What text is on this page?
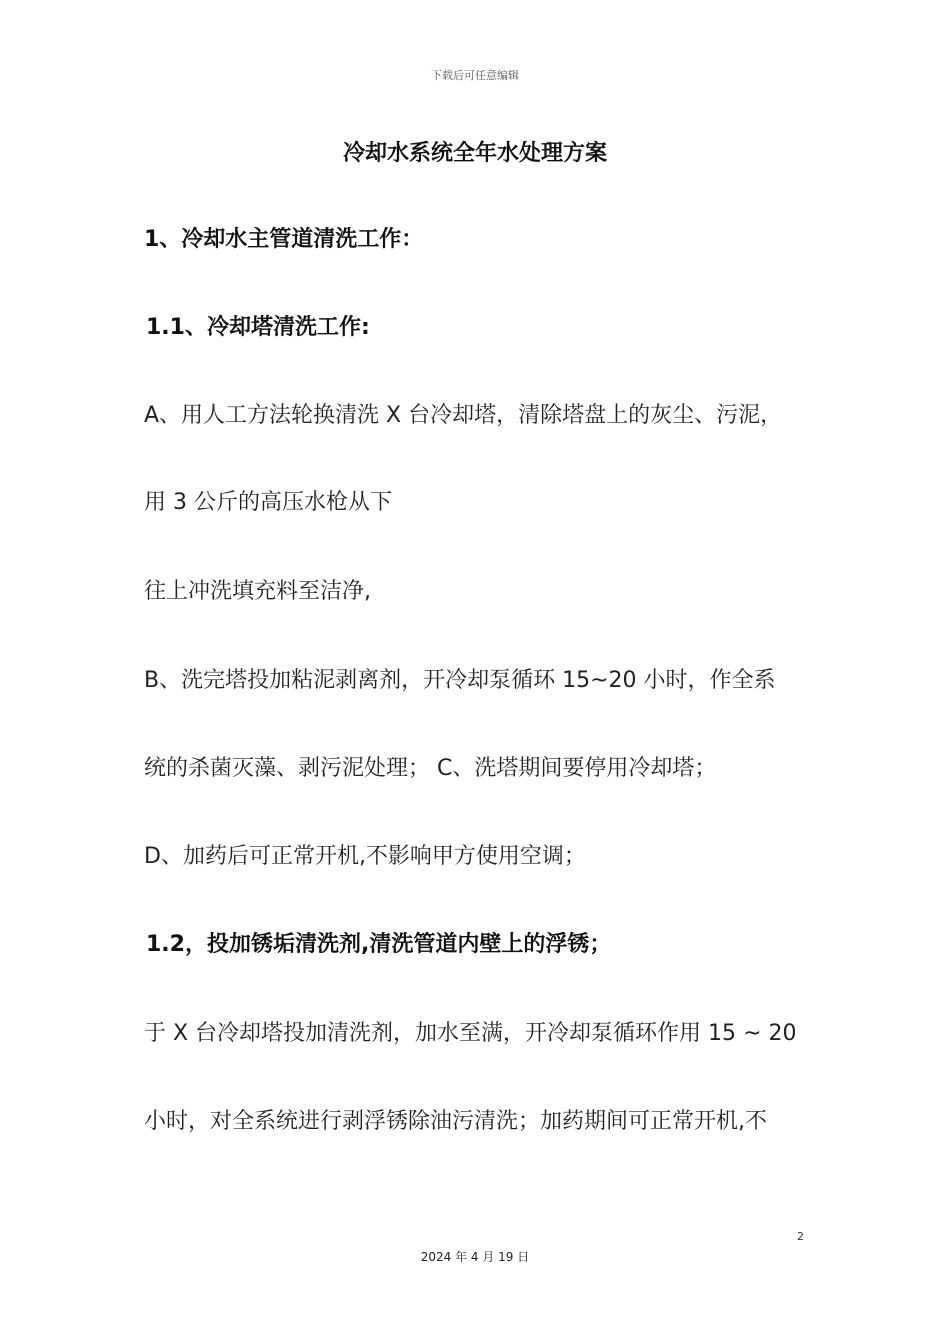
下载后可任意编辑
冷却水系统全年水处理方案
1、冷却水主管道清洗工作：
1.1、冷却塔清洗工作:
A、用人工方法轮换清洗 X 台冷却塔，清除塔盘上的灰尘、污泥，
用 3 公斤的高压水枪从下
往上冲洗填充料至洁净,
B、洗完塔投加粘泥剥离剂，开冷却泵循环 15~20 小时，作全系
统的杀菌灭藻、剥污泥处理； C、洗塔期间要停用冷却塔；
D、加药后可正常开机,不影响甲方使用空调；
1.2，投加锈垢清洗剂,清洗管道内壁上的浮锈；
于 X 台冷却塔投加清洗剂，加水至满，开冷却泵循环作用 15 ~ 20
小时，对全系统进行剥浮锈除油污清洗；加药期间可正常开机,不
2
2024 年 4 月 19 日
